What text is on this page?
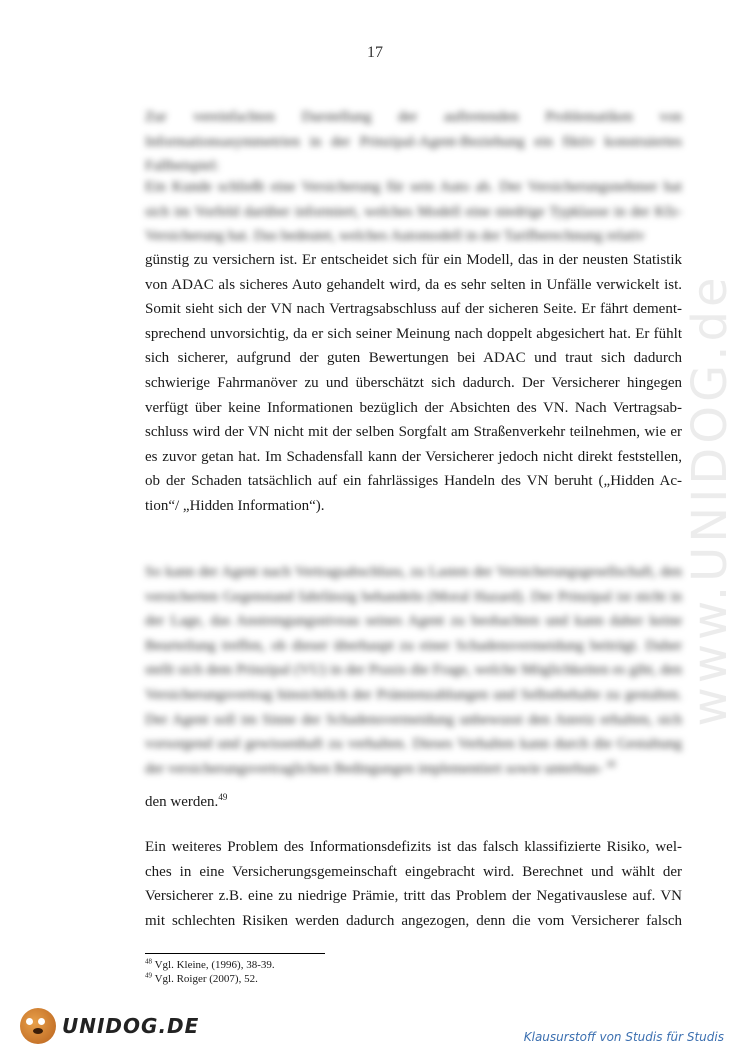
17
www.UNIDOG.de

Zur vereinfachten Darstellung der auftretenden Problematiken von Informationsasymmetrien in der Prinzipal-Agent-Beziehung ein fiktiv konstruiertes Fallbeispiel:

Ein Kunde schließt eine Versicherung für sein Auto ab. Der Versicherungsnehmer hat sich im Vorfeld darüber informiert, welches Modell eine niedrige Typklasse in der Kfz-Versicherung hat. Das bedeutet, welches Automodell in der Tarifberechnung relativ

günstig zu versichern ist. Er entscheidet sich für ein Modell, das in der neusten Statistik
von ADAC als sicheres Auto gehandelt wird, da es sehr selten in Unfälle verwickelt ist.
Somit sieht sich der VN nach Vertragsabschluss auf der sicheren Seite. Er fährt dement-
sprechend unvorsichtig, da er sich seiner Meinung nach doppelt abgesichert hat. Er fühlt
sich sicherer, aufgrund der guten Bewertungen bei ADAC und traut sich dadurch
schwierige Fahrmanöver zu und überschätzt sich dadurch. Der Versicherer hingegen
verfügt über keine Informationen bezüglich der Absichten des VN. Nach Vertragsab-
schluss wird der VN nicht mit der selben Sorgfalt am Straßenverkehr teilnehmen, wie er
es zuvor getan hat. Im Schadensfall kann der Versicherer jedoch nicht direkt feststellen,
ob der Schaden tatsächlich auf ein fahrlässiges Handeln des VN beruht („Hidden Ac-
tion“/ „Hidden Information“).

So kann der Agent nach Vertragsabschluss, zu Lasten der Versicherungsgesellschaft, den versicherten Gegenstand fahrlässig behandeln (Moral Hazard). Der Prinzipal ist nicht in der Lage, das Anstrengungsniveau seines Agent zu beobachten und kann daher keine Beurteilung treffen, ob dieser überhaupt zu einer Schadensvermeidung beiträgt. Daher stellt sich dem Prinzipal (VU) in der Praxis die Frage, welche Möglichkeiten es gibt, den Versicherungsvertrag hinsichtlich der Prämienzahlungen und Selbstbehalte zu gestalten. Der Agent soll im Sinne der Schadensvermeidung unbewusst den Anreiz erhalten, sich vorsorgend und gewissenhaft zu verhalten. Dieses Verhalten kann durch die Gestaltung der versicherungsvertraglichen Bedingungen implementiert sowie unterbun- $^{48}$

den werden.$^{49}$
Ein weiteres Problem des Informationsdefizits ist das falsch klassifizierte Risiko, wel-
ches in eine Versicherungsgemeinschaft eingebracht wird. Berechnet und wählt der
Versicherer z.B. eine zu niedrige Prämie, tritt das Problem der Negativauslese auf. VN
mit schlechten Risiken werden dadurch angezogen, denn die vom Versicherer falsch
$^{48}$ Vgl. Kleine, (1996), 38-39.
$^{49}$ Vgl. Roiger (2007), 52.
UNIDOG.DE	Klausurstoff von Studis für Studis
